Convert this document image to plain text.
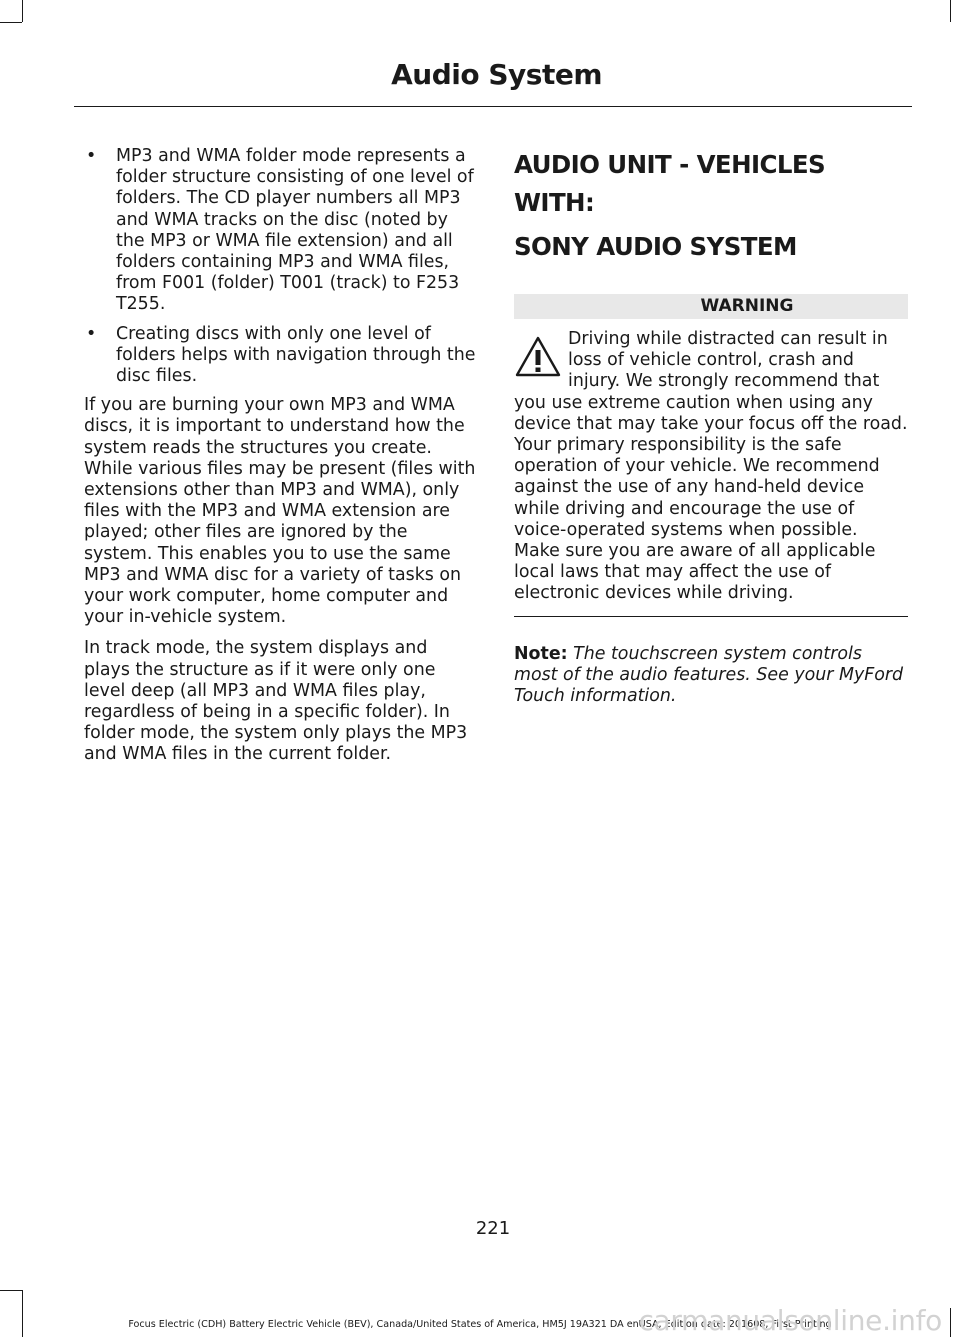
Audio System
• MP3 and WMA folder mode represents a folder structure consisting of one level of folders. The CD player numbers all MP3 and WMA tracks on the disc (noted by the MP3 or WMA file extension) and all folders containing MP3 and WMA files, from F001 (folder) T001 (track) to F253 T255.
• Creating discs with only one level of folders helps with navigation through the disc files.

If you are burning your own MP3 and WMA discs, it is important to understand how the system reads the structures you create. While various files may be present (files with extensions other than MP3 and WMA), only files with the MP3 and WMA extension are played; other files are ignored by the system. This enables you to use the same MP3 and WMA disc for a variety of tasks on your work computer, home computer and your in-vehicle system.

In track mode, the system displays and plays the structure as if it were only one level deep (all MP3 and WMA files play, regardless of being in a specific folder). In folder mode, the system only plays the MP3 and WMA files in the current folder.

AUDIO UNIT - VEHICLES WITH:
SONY AUDIO SYSTEM
WARNING
Driving while distracted can result in loss of vehicle control, crash and injury. We strongly recommend that you use extreme caution when using any device that may take your focus off the road. Your primary responsibility is the safe operation of your vehicle. We recommend against the use of any hand-held device while driving and encourage the use of voice-operated systems when possible. Make sure you are aware of all applicable local laws that may affect the use of electronic devices while driving.
Note: The touchscreen system controls most of the audio features. See your MyFord Touch information.
221
Focus Electric (CDH) Battery Electric Vehicle (BEV), Canada/United States of America, HM5J 19A321 DA enUSA, Edition date: 201608, First Printing
carmanualsonline.info
